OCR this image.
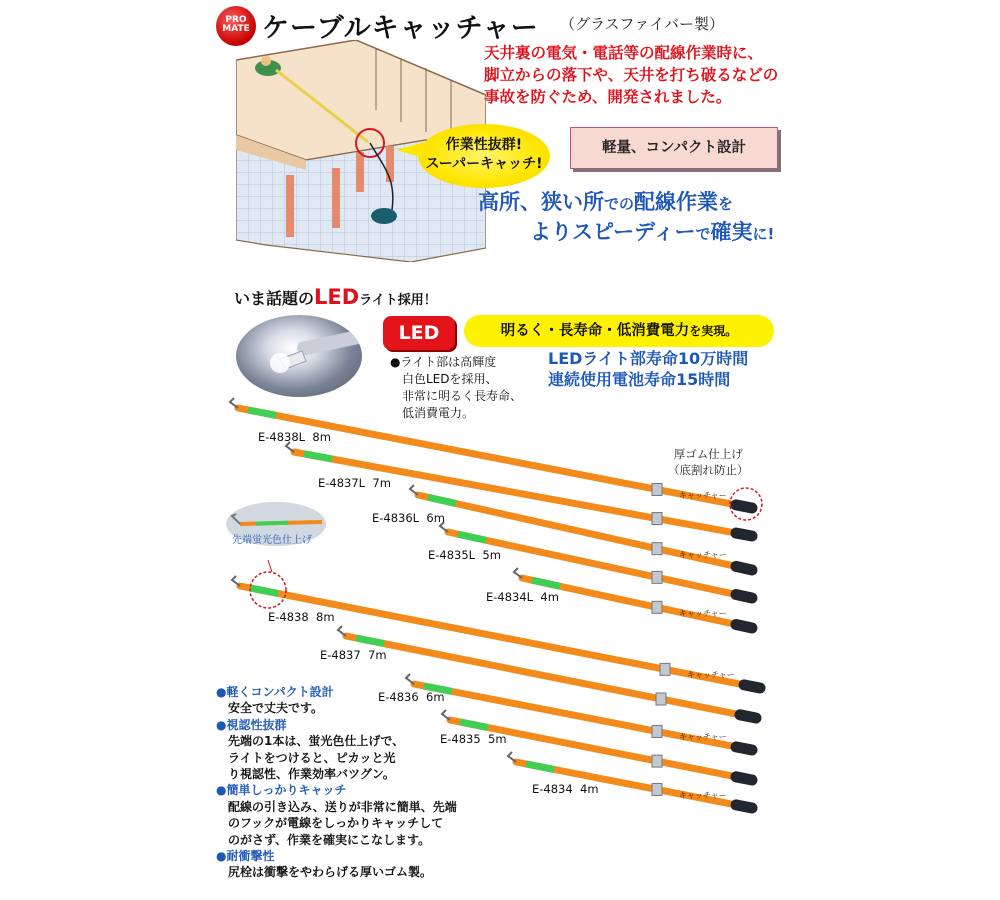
PRO
MATE ケーブルキャッチャー （グラスファイバー製）
天井裏の電気・電話等の配線作業時に、
脚立からの落下や、天井を打ち破るなどの
事故を防ぐため、開発されました。
作業性抜群!
スーパーキャッチ!
軽量、コンパクト設計
高所、狭い所での配線作業を
よりスピーディーで確実に!
いま話題のLEDライト採用！
LED	明るく・長寿命・低消費電力を実現。
●ライト部は高輝度
白色LEDを採用、
非常に明るく長寿命、
低消費電力。
LEDライト部寿命10万時間
連続使用電池寿命15時間
厚ゴム仕上げ
（底割れ防止）
先端蛍光色仕上げ
キャッチャー
キャッチャー
キャッチャー
キャッチャー
キャッチャー
キャッチャー
E-4838L 8m
E-4837L 7m
E-4836L 6m
E-4835L 5m
E-4834L 4m
E-4838 8m
E-4837 7m
E-4836 6m
E-4835 5m
E-4834 4m
●軽くコンパクト設計
安全で丈夫です。
●視認性抜群
先端の1本は、蛍光色仕上げで、
ライトをつけると、ピカッと光
り視認性、作業効率バツグン。
●簡単しっかりキャッチ
配線の引き込み、送りが非常に簡単、先端
のフックが電線をしっかりキャッチして
のがさず、作業を確実にこなします。
●耐衝撃性
尻栓は衝撃をやわらげる厚いゴム製。
